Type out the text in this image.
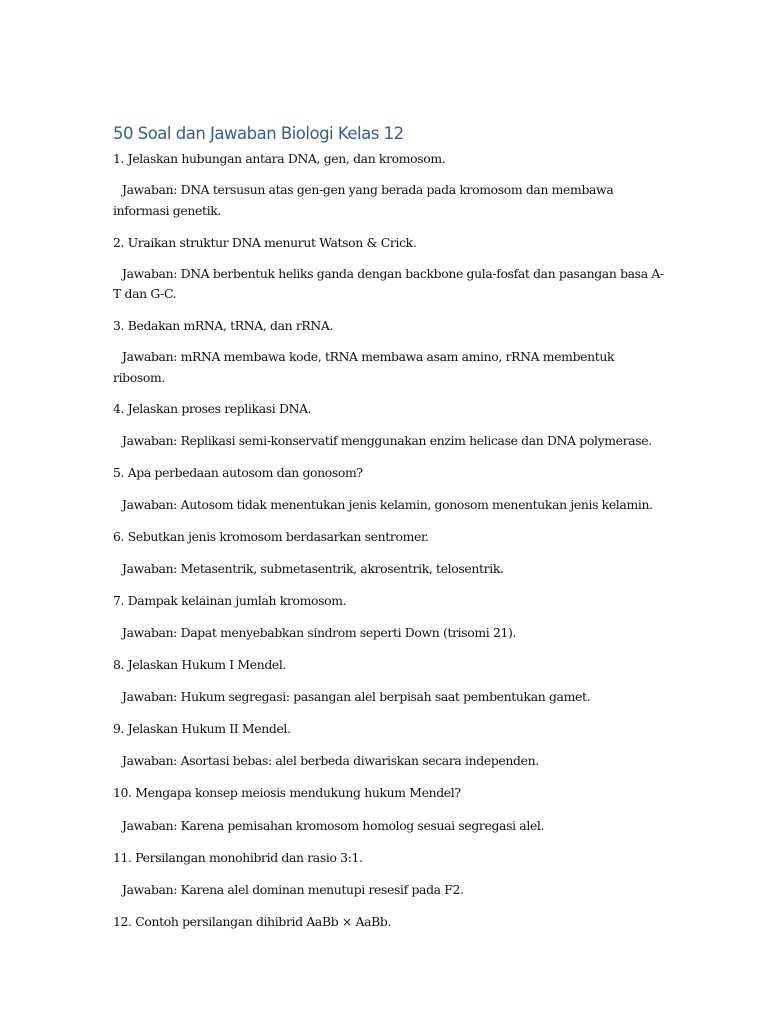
50 Soal dan Jawaban Biologi Kelas 12

1. Jelaskan hubungan antara DNA, gen, dan kromosom.

Jawaban: DNA tersusun atas gen-gen yang berada pada kromosom dan membawa

informasi genetik.

2. Uraikan struktur DNA menurut Watson & Crick.

Jawaban: DNA berbentuk heliks ganda dengan backbone gula-fosfat dan pasangan basa A-

T dan G-C.

3. Bedakan mRNA, tRNA, dan rRNA.

Jawaban: mRNA membawa kode, tRNA membawa asam amino, rRNA membentuk

ribosom.

4. Jelaskan proses replikasi DNA.

Jawaban: Replikasi semi-konservatif menggunakan enzim helicase dan DNA polymerase.

5. Apa perbedaan autosom dan gonosom?

Jawaban: Autosom tidak menentukan jenis kelamin, gonosom menentukan jenis kelamin.

6. Sebutkan jenis kromosom berdasarkan sentromer.

Jawaban: Metasentrik, submetasentrik, akrosentrik, telosentrik.

7. Dampak kelainan jumlah kromosom.

Jawaban: Dapat menyebabkan sindrom seperti Down (trisomi 21).

8. Jelaskan Hukum I Mendel.

Jawaban: Hukum segregasi: pasangan alel berpisah saat pembentukan gamet.

9. Jelaskan Hukum II Mendel.

Jawaban: Asortasi bebas: alel berbeda diwariskan secara independen.

10. Mengapa konsep meiosis mendukung hukum Mendel?

Jawaban: Karena pemisahan kromosom homolog sesuai segregasi alel.

11. Persilangan monohibrid dan rasio 3:1.

Jawaban: Karena alel dominan menutupi resesif pada F2.

12. Contoh persilangan dihibrid AaBb × AaBb.
